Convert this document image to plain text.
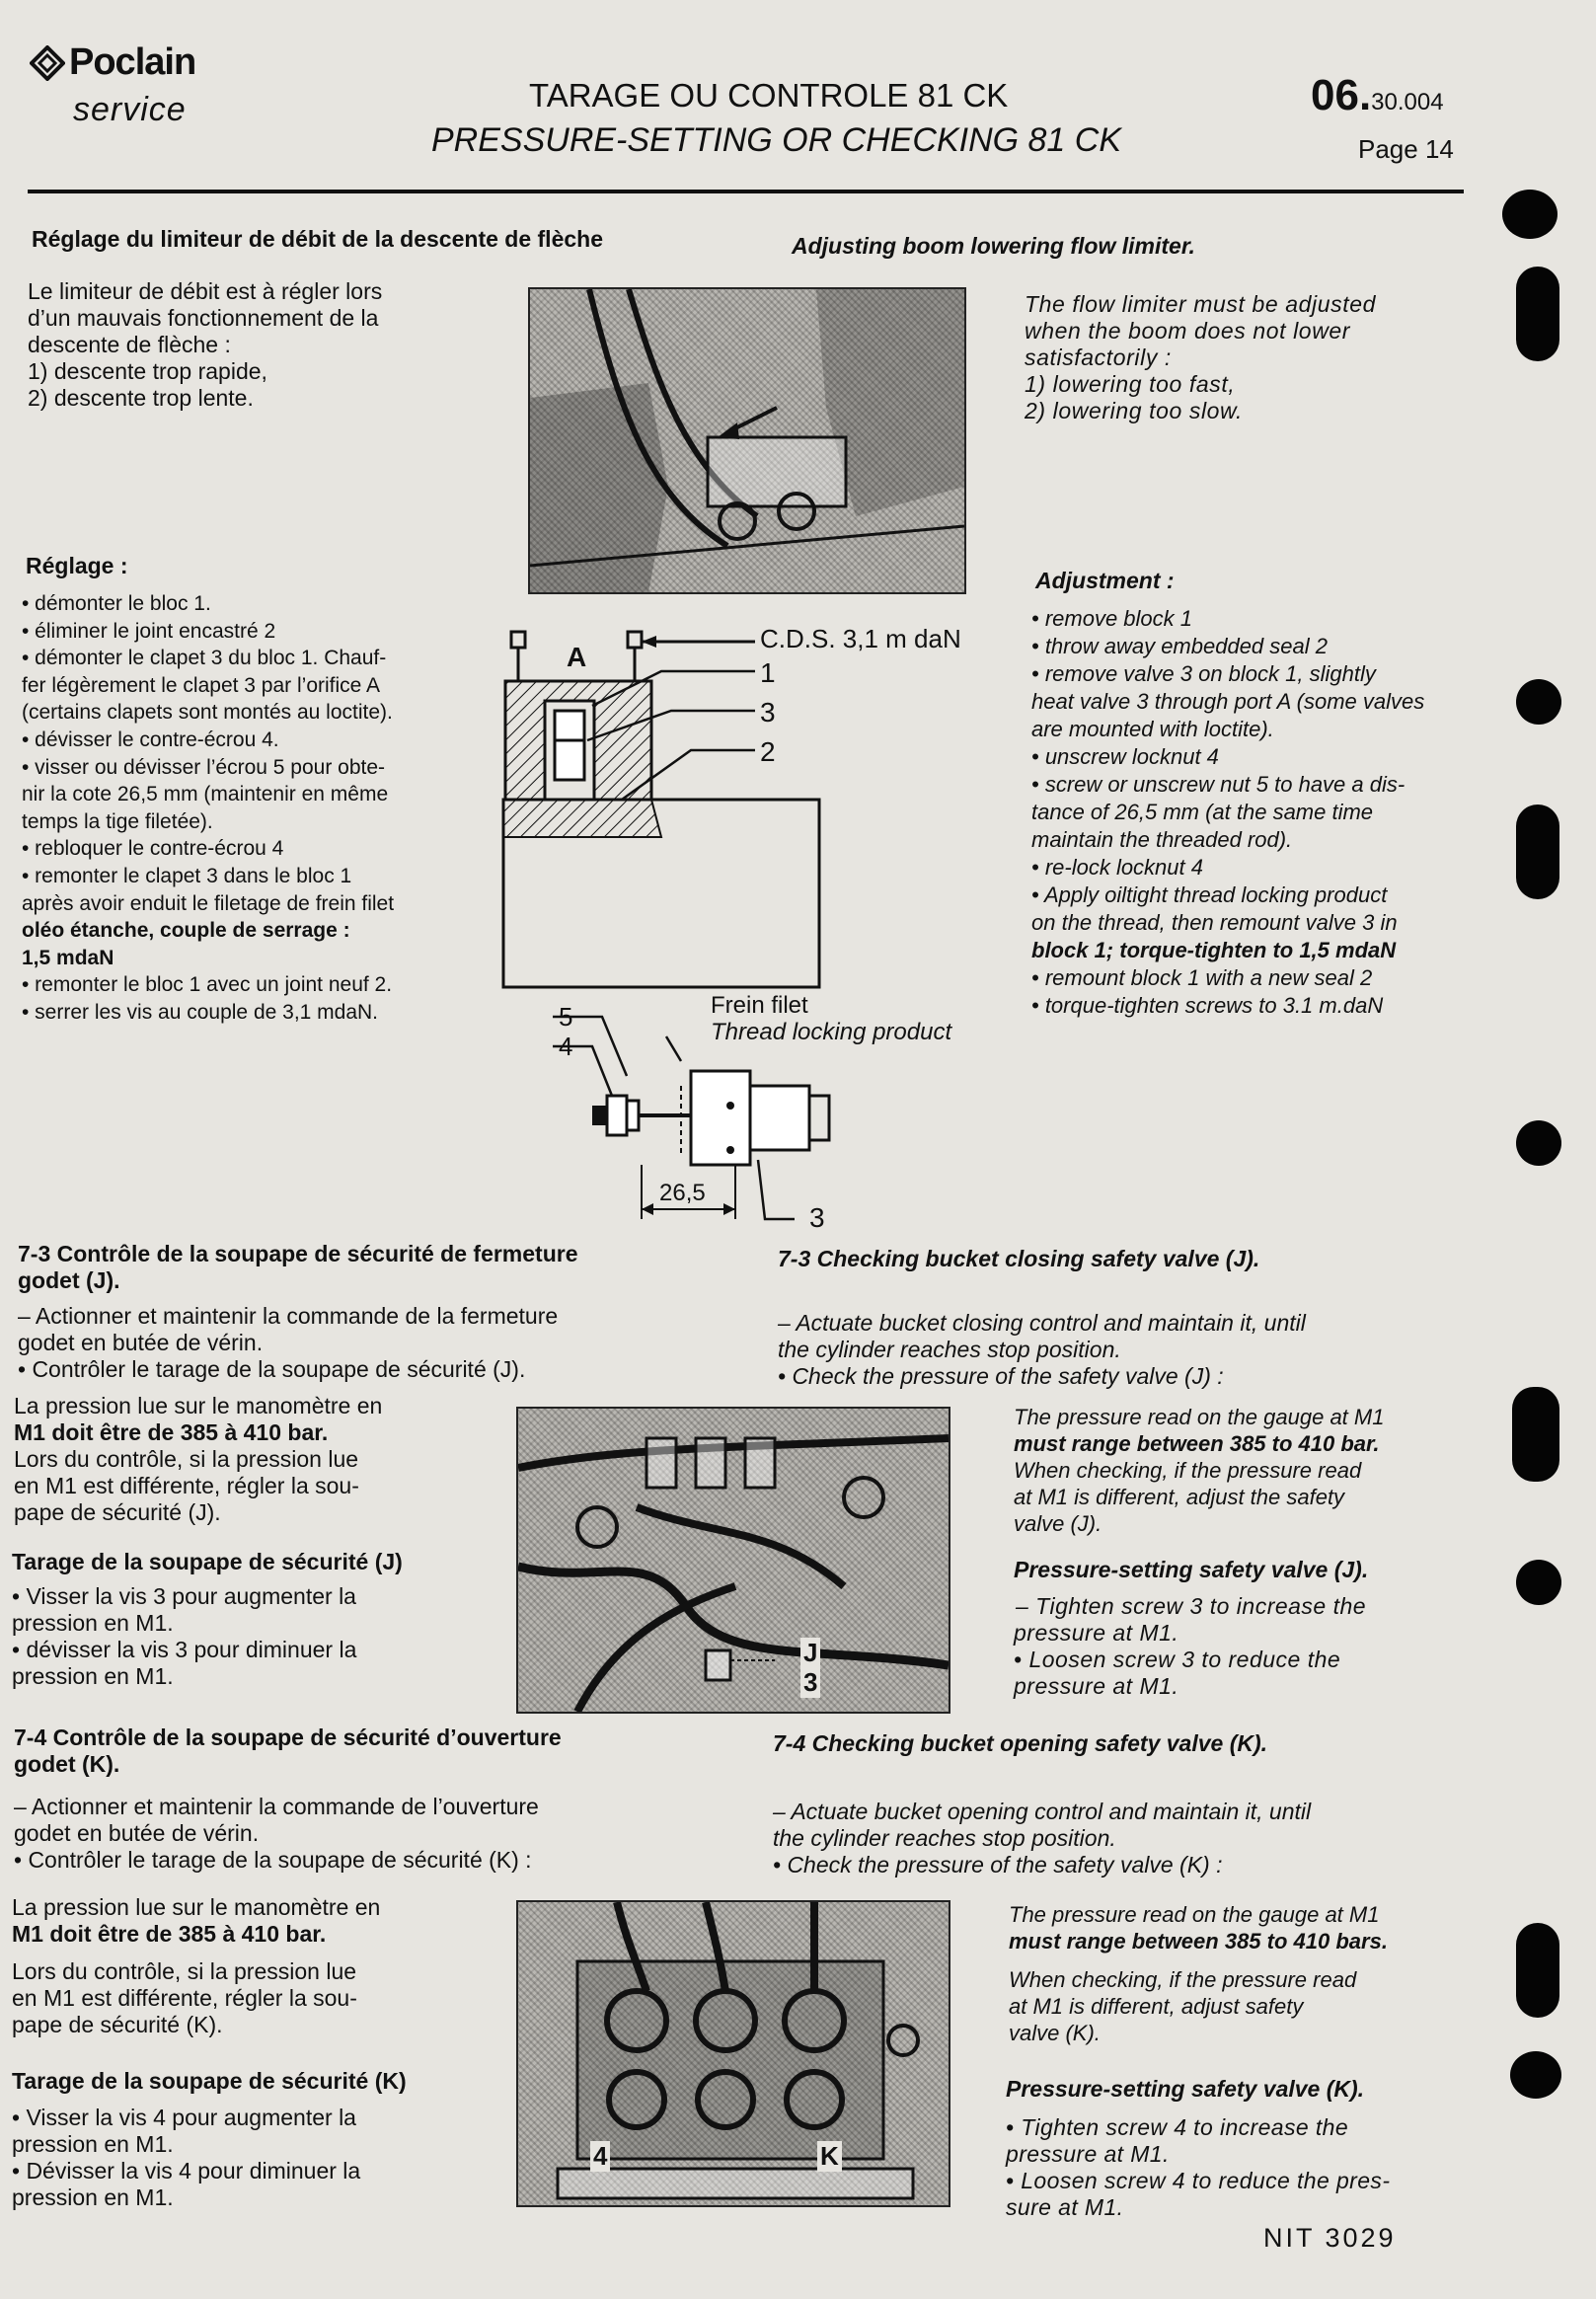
Poclain
service	TARAGE OU CONTROLE 81 CK
PRESSURE-SETTING OR CHECKING 81 CK
06.30.004
Page 14
Réglage du limiteur de débit de la descente de flèche	Adjusting boom lowering flow limiter.
Le limiteur de débit est à régler lors
d’un mauvais fonctionnement de la
descente de flèche :
1) descente trop rapide,
2) descente trop lente.
The flow limiter must be adjusted
when the boom does not lower
satisfactorily :
1) lowering too fast,
2) lowering too slow.
Réglage :
Adjustment :
• démonter le bloc 1.
• éliminer le joint encastré 2
• démonter le clapet 3 du bloc 1. Chauf-
fer légèrement le clapet 3 par l’orifice A
(certains clapets sont montés au loctite).
• dévisser le contre-écrou 4.
• visser ou dévisser l’écrou 5 pour obte-
nir la cote 26,5 mm (maintenir en même
temps la tige filetée).
• rebloquer le contre-écrou 4
• remonter le clapet 3 dans le bloc 1
après avoir enduit le filetage de frein filet
oléo étanche, couple de serrage :
1,5 mdaN
• remonter le bloc 1 avec un joint neuf 2.
• serrer les vis au couple de 3,1 mdaN.
• remove block 1
• throw away embedded seal 2
• remove valve 3 on block 1, slightly
heat valve 3 through port A (some valves
are mounted with loctite).
• unscrew locknut 4
• screw or unscrew nut 5 to have a dis-
tance of 26,5 mm (at the same time
maintain the threaded rod).
• re-lock locknut 4
• Apply oiltight thread locking product
on the thread, then remount valve 3 in
block 1; torque-tighten to 1,5 mdaN
• remount block 1 with a new seal 2
• torque-tighten screws to 3.1 m.daN
A
C.D.S. 3,1 m daN
1
3
2
5
4
Frein filet
Thread locking product
26,5
3
7-3 Contrôle de la soupape de sécurité de fermeture
godet (J).
7-3 Checking bucket closing safety valve (J).
– Actionner et maintenir la commande de la fermeture
godet en butée de vérin.
• Contrôler le tarage de la soupape de sécurité (J).
– Actuate bucket closing control and maintain it, until
the cylinder reaches stop position.
• Check the pressure of the safety valve (J) :
La pression lue sur le manomètre en
M1 doit être de 385 à 410 bar.
Lors du contrôle, si la pression lue
en M1 est différente, régler la sou-
pape de sécurité (J).
J
3
The pressure read on the gauge at M1
must range between 385 to 410 bar.
When checking, if the pressure read
at M1 is different, adjust the safety
valve (J).
Tarage de la soupape de sécurité (J)
• Visser la vis 3 pour augmenter la
pression en M1.
• dévisser la vis 3 pour diminuer la
pression en M1.
Pressure-setting safety valve (J).
– Tighten screw 3 to increase the
pressure at M1.
• Loosen screw 3 to reduce the
pressure at M1.
7-4 Contrôle de la soupape de sécurité d’ouverture
godet (K).
7-4 Checking bucket opening safety valve (K).
– Actionner et maintenir la commande de l’ouverture
godet en butée de vérin.
• Contrôler le tarage de la soupape de sécurité (K) :
– Actuate bucket opening control and maintain it, until
the cylinder reaches stop position.
• Check the pressure of the safety valve (K) :
La pression lue sur le manomètre en
M1 doit être de 385 à 410 bar.
Lors du contrôle, si la pression lue
en M1 est différente, régler la sou-
pape de sécurité (K).
4	K
The pressure read on the gauge at M1
must range between 385 to 410 bars.
When checking, if the pressure read
at M1 is different, adjust safety
valve (K).
Tarage de la soupape de sécurité (K)
• Visser la vis 4 pour augmenter la
pression en M1.
• Dévisser la vis 4 pour diminuer la
pression en M1.
Pressure-setting safety valve (K).
• Tighten screw 4 to increase the
pressure at M1.
• Loosen screw 4 to reduce the pres-
sure at M1.
NIT 3029
